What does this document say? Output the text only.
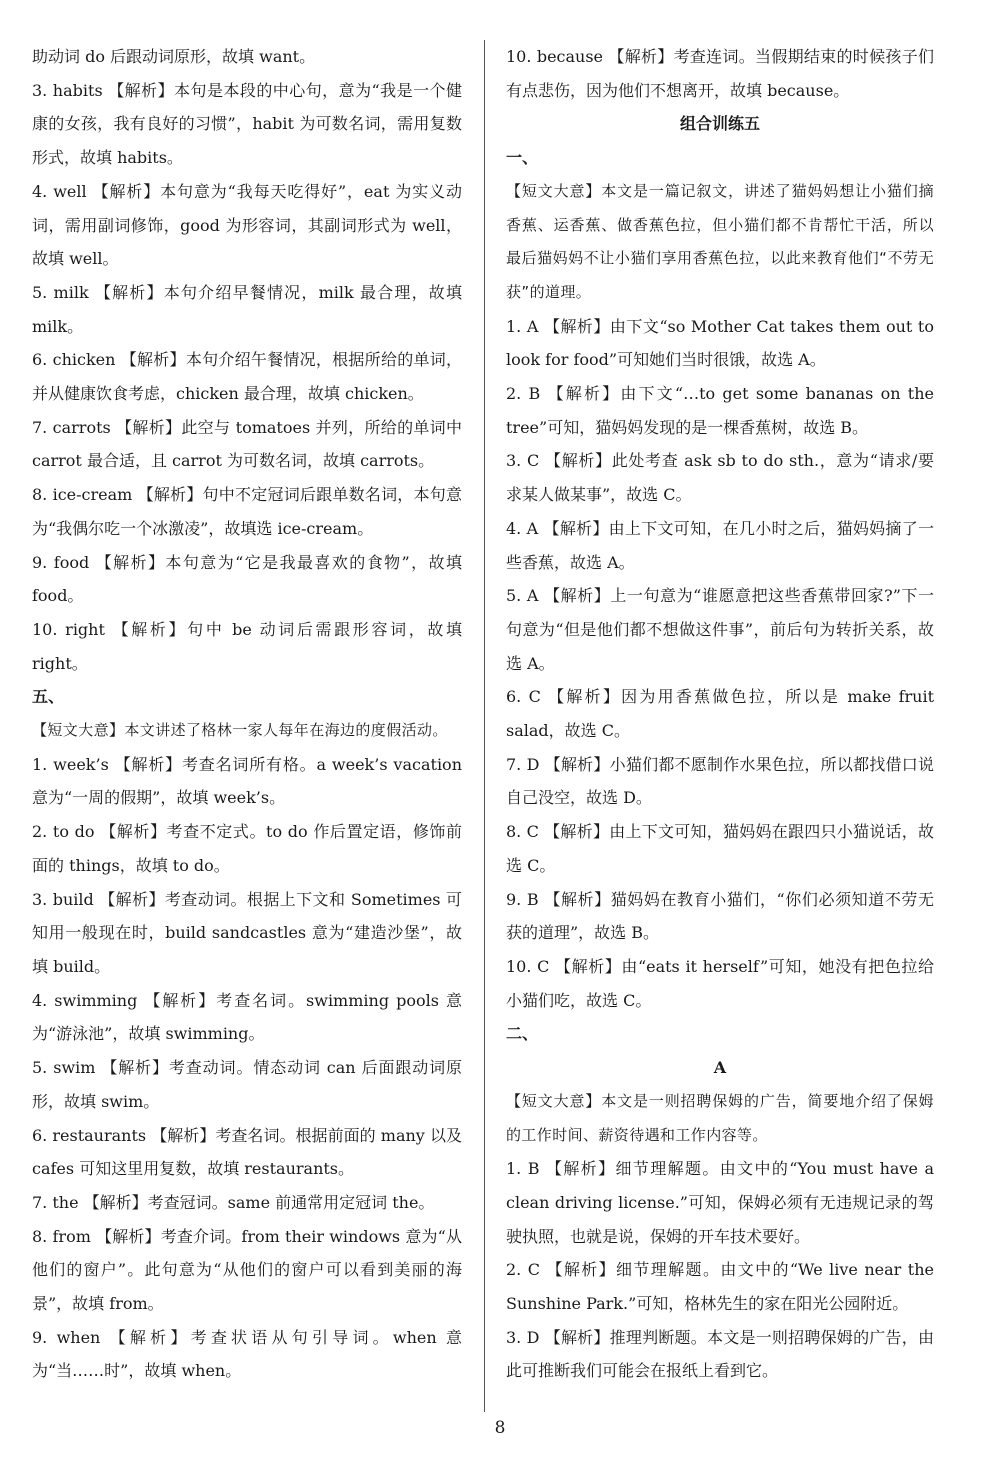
助动词 do 后跟动词原形，故填 want。

3. habits 【解析】本句是本段的中心句，意为“我是一个健康的女孩，我有良好的习惯”，habit 为可数名词，需用复数形式，故填 habits。

4. well 【解析】本句意为“我每天吃得好”，eat 为实义动词，需用副词修饰，good 为形容词，其副词形式为 well，故填 well。

5. milk 【解析】本句介绍早餐情况，milk 最合理，故填 milk。

6. chicken 【解析】本句介绍午餐情况，根据所给的单词，并从健康饮食考虑，chicken 最合理，故填 chicken。

7. carrots 【解析】此空与 tomatoes 并列，所给的单词中 carrot 最合适，且 carrot 为可数名词，故填 carrots。

8. ice-cream 【解析】句中不定冠词后跟单数名词，本句意为“我偶尔吃一个冰激凌”，故填选 ice-cream。

9. food 【解析】本句意为“它是我最喜欢的食物”，故填 food。

10. right 【解析】句中 be 动词后需跟形容词，故填 right。

五、

【短文大意】本文讲述了格林一家人每年在海边的度假活动。

1. week’s 【解析】考查名词所有格。a week’s vacation 意为“一周的假期”，故填 week’s。

2. to do 【解析】考查不定式。to do 作后置定语，修饰前面的 things，故填 to do。

3. build 【解析】考查动词。根据上下文和 Sometimes 可知用一般现在时，build sandcastles 意为“建造沙堡”，故填 build。

4. swimming 【解析】考查名词。swimming pools 意为“游泳池”，故填 swimming。

5. swim 【解析】考查动词。情态动词 can 后面跟动词原形，故填 swim。

6. restaurants 【解析】考查名词。根据前面的 many 以及 cafes 可知这里用复数，故填 restaurants。

7. the 【解析】考查冠词。same 前通常用定冠词 the。

8. from 【解析】考查介词。from their windows 意为“从他们的窗户”。此句意为“从他们的窗户可以看到美丽的海景”，故填 from。

9. when 【解析】考查状语从句引导词。when 意为“当……时”，故填 when。

10. because 【解析】考查连词。当假期结束的时候孩子们有点悲伤，因为他们不想离开，故填 because。

组合训练五

一、

【短文大意】本文是一篇记叙文，讲述了猫妈妈想让小猫们摘香蕉、运香蕉、做香蕉色拉，但小猫们都不肯帮忙干活，所以最后猫妈妈不让小猫们享用香蕉色拉，以此来教育他们“不劳无获”的道理。

1. A 【解析】由下文“so Mother Cat takes them out to look for food”可知她们当时很饿，故选 A。

2. B 【解析】由下文“…to get some bananas on the tree”可知，猫妈妈发现的是一棵香蕉树，故选 B。

3. C 【解析】此处考查 ask sb to do sth.，意为“请求/要求某人做某事”，故选 C。

4. A 【解析】由上下文可知，在几小时之后，猫妈妈摘了一些香蕉，故选 A。

5. A 【解析】上一句意为“谁愿意把这些香蕉带回家?”下一句意为“但是他们都不想做这件事”，前后句为转折关系，故选 A。

6. C 【解析】因为用香蕉做色拉，所以是 make fruit salad，故选 C。

7. D 【解析】小猫们都不愿制作水果色拉，所以都找借口说自己没空，故选 D。

8. C 【解析】由上下文可知，猫妈妈在跟四只小猫说话，故选 C。

9. B 【解析】猫妈妈在教育小猫们，“你们必须知道不劳无获的道理”，故选 B。

10. C 【解析】由“eats it herself”可知，她没有把色拉给小猫们吃，故选 C。

二、

A

【短文大意】本文是一则招聘保姆的广告，简要地介绍了保姆的工作时间、薪资待遇和工作内容等。

1. B 【解析】细节理解题。由文中的“You must have a clean driving license.”可知，保姆必须有无违规记录的驾驶执照，也就是说，保姆的开车技术要好。

2. C 【解析】细节理解题。由文中的“We live near the Sunshine Park.”可知，格林先生的家在阳光公园附近。

3. D 【解析】推理判断题。本文是一则招聘保姆的广告，由此可推断我们可能会在报纸上看到它。

8
